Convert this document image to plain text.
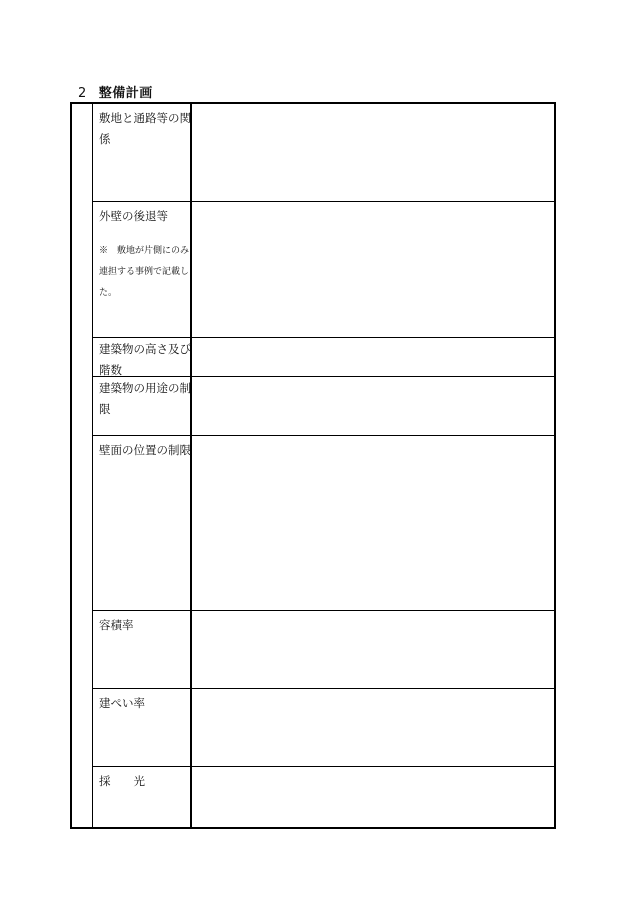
2 整備計画
敷地と通路等の関係
外壁の後退等
※　敷地が片側にのみ連担する事例で記載した。
建築物の高さ及び階数
建築物の用途の制限
壁面の位置の制限
容積率
建ぺい率
採　　光
